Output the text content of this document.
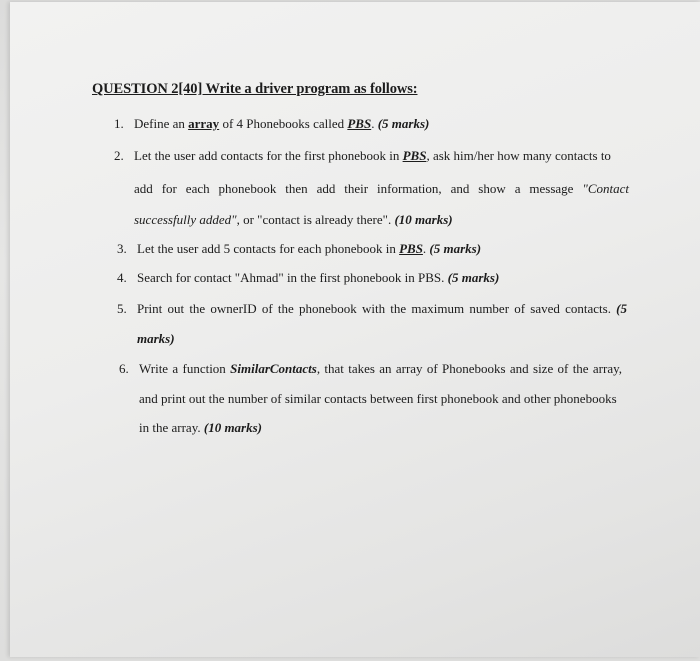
QUESTION 2[40] Write a driver program as follows:
1. Define an array of 4 Phonebooks called PBS. (5 marks)
2. Let the user add contacts for the first phonebook in PBS, ask him/her how many contacts to
add for each phonebook then add their information, and show a message "Contact
successfully added", or "contact is already there". (10 marks)
3. Let the user add 5 contacts for each phonebook in PBS. (5 marks)
4. Search for contact "Ahmad" in the first phonebook in PBS. (5 marks)
5. Print out the ownerID of the phonebook with the maximum number of saved contacts. (5
marks)
6. Write a function SimilarContacts, that takes an array of Phonebooks and size of the array,
and print out the number of similar contacts between first phonebook and other phonebooks
in the array. (10 marks)
